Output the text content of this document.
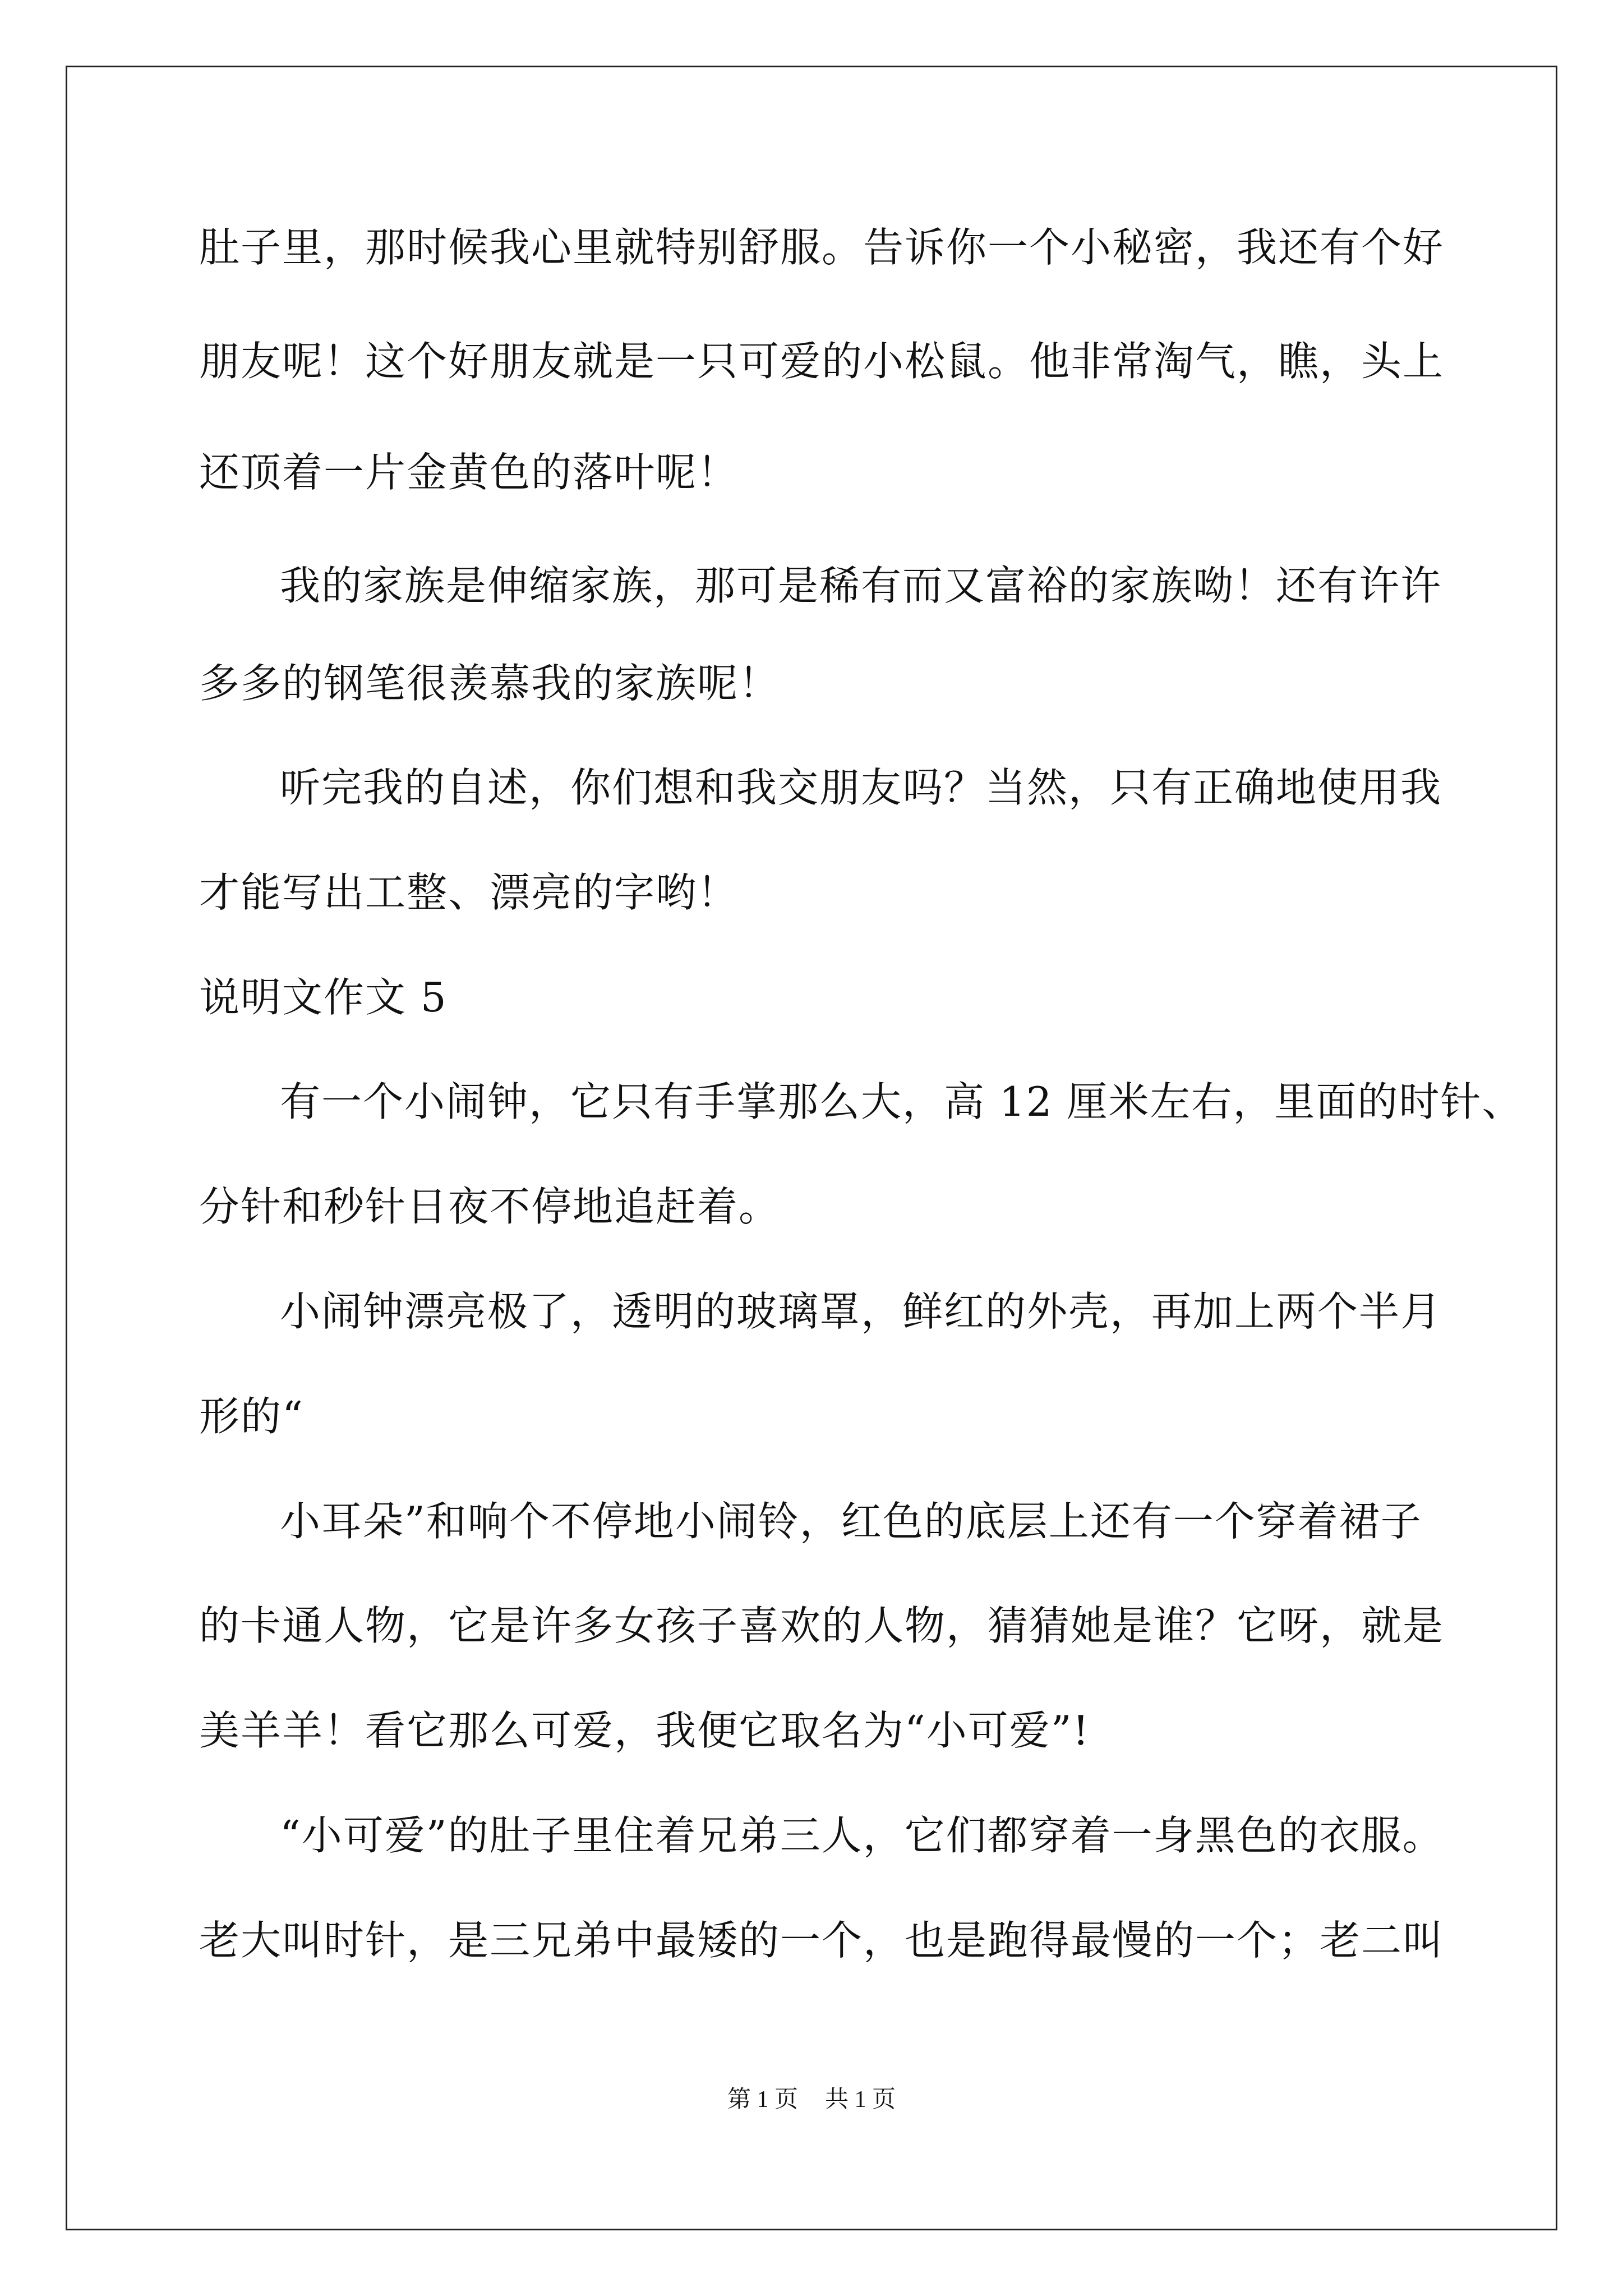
肚子里，那时候我心里就特别舒服。告诉你一个小秘密，我还有个好
朋友呢！这个好朋友就是一只可爱的小松鼠。他非常淘气，瞧，头上
还顶着一片金黄色的落叶呢！
我的家族是伸缩家族，那可是稀有而又富裕的家族呦！还有许许
多多的钢笔很羡慕我的家族呢！
听完我的自述，你们想和我交朋友吗？当然，只有正确地使用我
才能写出工整、漂亮的字哟！
说明文作文 5
有一个小闹钟，它只有手掌那么大，高 12 厘米左右，里面的时针、
分针和秒针日夜不停地追赶着。
小闹钟漂亮极了，透明的玻璃罩，鲜红的外壳，再加上两个半月
形的“
小耳朵”和响个不停地小闹铃，红色的底层上还有一个穿着裙子
的卡通人物，它是许多女孩子喜欢的人物，猜猜她是谁？它呀，就是
美羊羊！看它那么可爱，我便它取名为“小可爱”!
“小可爱”的肚子里住着兄弟三人，它们都穿着一身黑色的衣服。
老大叫时针，是三兄弟中最矮的一个，也是跑得最慢的一个；老二叫
第 1 页 共 1 页
